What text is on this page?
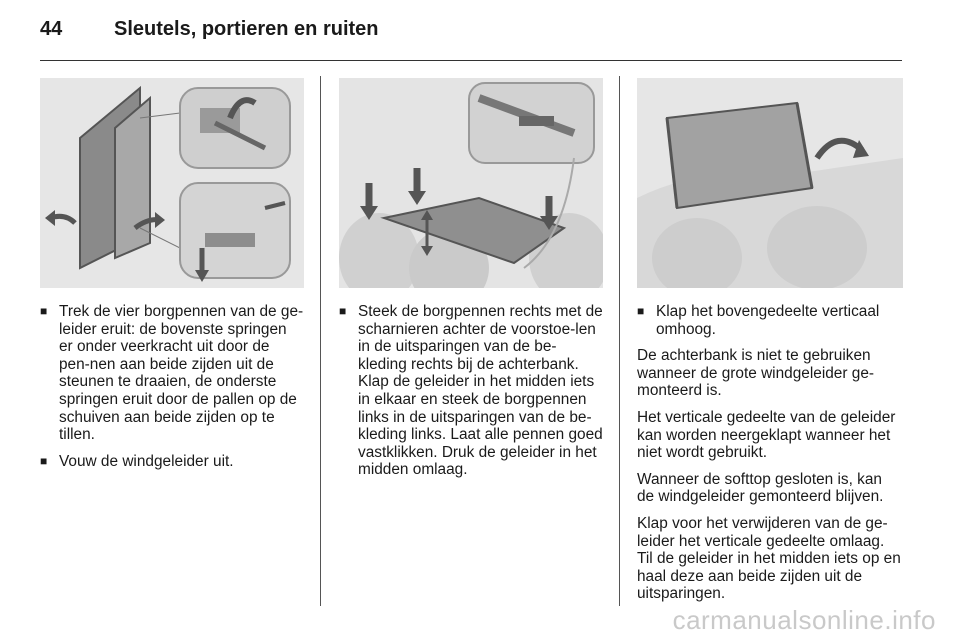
44	Sleutels, portieren en ruiten
■ Trek de vier borgpennen van de ge-leider eruit: de bovenste springen er onder veerkracht uit door de pen-nen aan beide zijden uit de steunen te draaien, de onderste springen eruit door de pallen op de schuiven aan beide zijden op te tillen.
■ Vouw de windgeleider uit.
■ Steek de borgpennen rechts met de scharnieren achter de voorstoe-len in de uitsparingen van de be-kleding rechts bij de achterbank. Klap de geleider in het midden iets in elkaar en steek de borgpennen links in de uitsparingen van de be-kleding links. Laat alle pennen goed vastklikken. Druk de geleider in het midden omlaag.
■ Klap het bovengedeelte verticaal omhoog.

De achterbank is niet te gebruiken wanneer de grote windgeleider ge-monteerd is.

Het verticale gedeelte van de geleider kan worden neergeklapt wanneer het niet wordt gebruikt.

Wanneer de softtop gesloten is, kan de windgeleider gemonteerd blijven.

Klap voor het verwijderen van de ge-leider het verticale gedeelte omlaag. Til de geleider in het midden iets op en haal deze aan beide zijden uit de uitsparingen.

carmanualsonline.info
